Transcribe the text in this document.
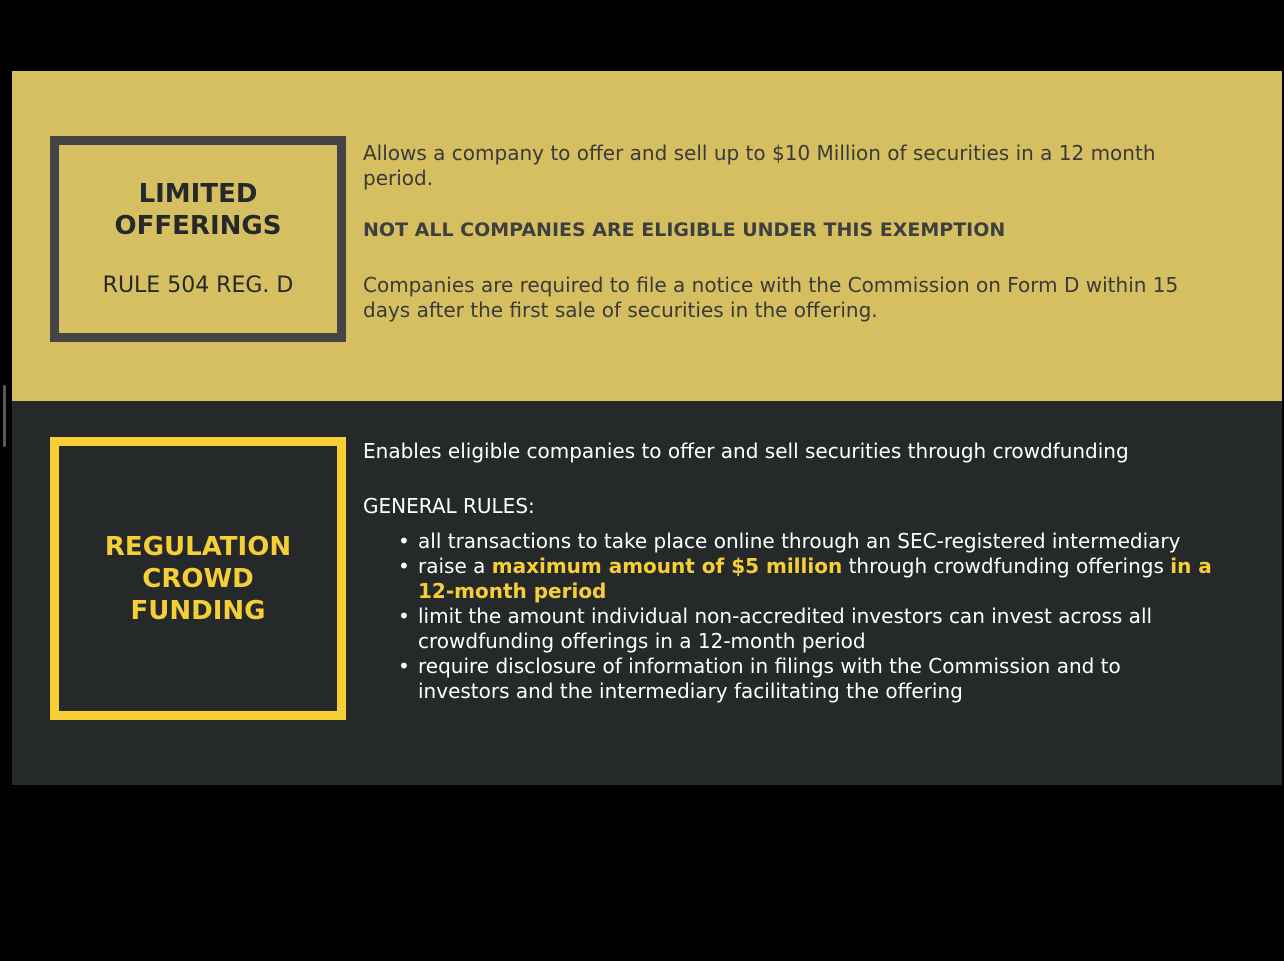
LIMITED
OFFERINGS
RULE 504 REG. D

Allows a company to offer and sell up to $10 Million of securities in a 12 month period.

NOT ALL COMPANIES ARE ELIGIBLE UNDER THIS EXEMPTION

Companies are required to file a notice with the Commission on Form D within 15 days after the first sale of securities in the offering.

REGULATION
CROWD
FUNDING

Enables eligible companies to offer and sell securities through crowdfunding

GENERAL RULES:

• all transactions to take place online through an SEC-registered intermediary
• raise a maximum amount of $5 million through crowdfunding offerings in a 12-month period
• limit the amount individual non-accredited investors can invest across all crowdfunding offerings in a 12-month period
• require disclosure of information in filings with the Commission and to investors and the intermediary facilitating the offering
